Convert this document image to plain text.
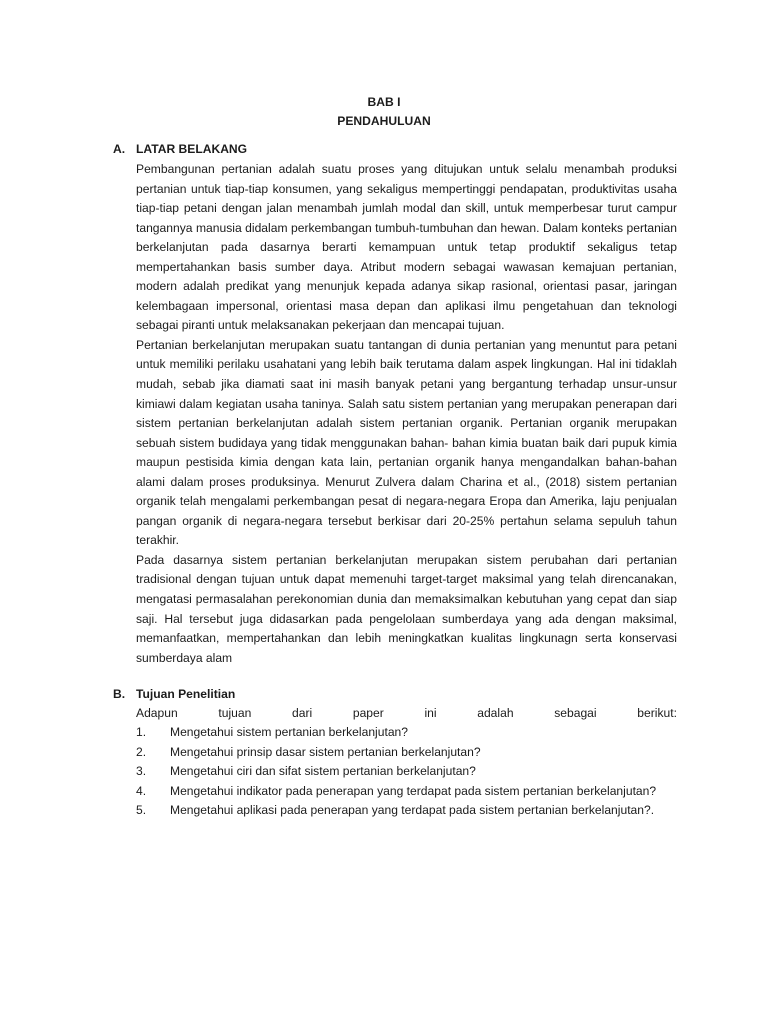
BAB I
PENDAHULUAN
A. LATAR BELAKANG

Pembangunan pertanian adalah suatu proses yang ditujukan untuk selalu menambah produksi pertanian untuk tiap-tiap konsumen, yang sekaligus mempertinggi pendapatan, produktivitas usaha tiap-tiap petani dengan jalan menambah jumlah modal dan skill, untuk memperbesar turut campur tangannya manusia didalam perkembangan tumbuh-tumbuhan dan hewan. Dalam konteks pertanian berkelanjutan pada dasarnya berarti kemampuan untuk tetap produktif sekaligus tetap mempertahankan basis sumber daya. Atribut modern sebagai wawasan kemajuan pertanian, modern adalah predikat yang menunjuk kepada adanya sikap rasional, orientasi pasar, jaringan kelembagaan impersonal, orientasi masa depan dan aplikasi ilmu pengetahuan dan teknologi sebagai piranti untuk melaksanakan pekerjaan dan mencapai tujuan.

Pertanian berkelanjutan merupakan suatu tantangan di dunia pertanian yang menuntut para petani untuk memiliki perilaku usahatani yang lebih baik terutama dalam aspek lingkungan. Hal ini tidaklah mudah, sebab jika diamati saat ini masih banyak petani yang bergantung terhadap unsur-unsur kimiawi dalam kegiatan usaha taninya. Salah satu sistem pertanian yang merupakan penerapan dari sistem pertanian berkelanjutan adalah sistem pertanian organik. Pertanian organik merupakan sebuah sistem budidaya yang tidak menggunakan bahan- bahan kimia buatan baik dari pupuk kimia maupun pestisida kimia dengan kata lain, pertanian organik hanya mengandalkan bahan-bahan alami dalam proses produksinya. Menurut Zulvera dalam Charina et al., (2018) sistem pertanian organik telah mengalami perkembangan pesat di negara-negara Eropa dan Amerika, laju penjualan pangan organik di negara-negara tersebut berkisar dari 20-25% pertahun selama sepuluh tahun terakhir.

Pada dasarnya sistem pertanian berkelanjutan merupakan sistem perubahan dari pertanian tradisional dengan tujuan untuk dapat memenuhi target-target maksimal yang telah direncanakan, mengatasi permasalahan perekonomian dunia dan memaksimalkan kebutuhan yang cepat dan siap saji. Hal tersebut juga didasarkan pada pengelolaan sumberdaya yang ada dengan maksimal, memanfaatkan, mempertahankan dan lebih meningkatkan kualitas lingkunagn serta konservasi sumberdaya alam

B. Tujuan Penelitian
Adapun	tujuan	dari	paper	ini	adalah	sebagai	berikut:
1.	Mengetahui sistem pertanian berkelanjutan?
2.	Mengetahui prinsip dasar sistem pertanian berkelanjutan?
3.	Mengetahui ciri dan sifat sistem pertanian berkelanjutan?
4. Mengetahui indikator pada penerapan yang terdapat pada sistem pertanian berkelanjutan?
5. Mengetahui aplikasi pada penerapan yang terdapat pada sistem pertanian berkelanjutan?.
